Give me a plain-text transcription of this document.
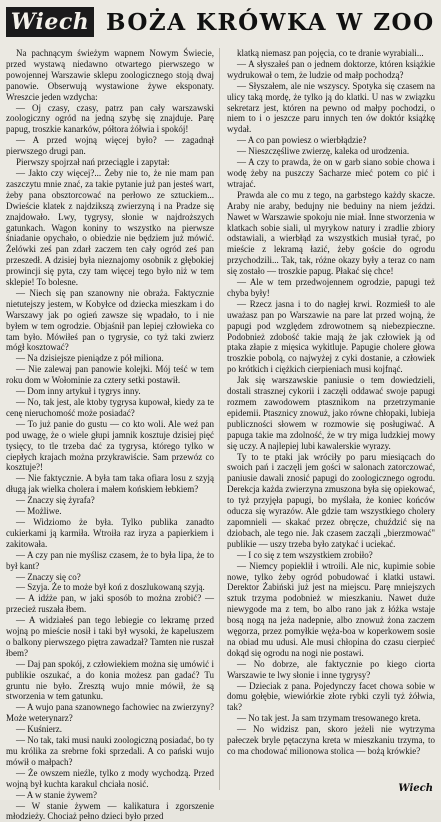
Wiech BOŻA KRÓWKA W ZOO

Na pachnącym świeżym wapnem Nowym Świecie, przed wystawą niedawno otwartego pierwszego w powojennej Warszawie sklepu zoologicznego stoją dwaj panowie. Obserwują wystawione żywe eksponaty. Wreszcie jeden wzdycha:

— Oj czasy, czasy, patrz pan cały warszawski zoologiczny ogród na jedną szybę się znajduje. Parę papug, troszkie kanarków, półtora żółwia i spokój!

— A przed wojną więcej było? — zagadnął pierwszego drugi pan.

Pierwszy spojrzał nań przeciągle i zapytał:

— Jakto czy więcej?... Żeby nie to, że nie mam pan zaszczytu mnie znać, za takie pytanie już pan jesteś wart, żeby pana obsztorcować na perłowo ze sztuckiem... Dwieście klatek z najdzikszą zwierzyną i na Pradze się znajdowało. Lwy, tygrysy, słonie w najdroższych gatunkach. Wagon koniny to wszystko na pierwsze śniadanie opychało, o obiedzie nie będziem już mówić. Żelówki ześ pan zdarł zaczem ten cały ogród ześ pan przeszedł. A dzisiej była nieznajomy osobnik z głębokiej prowincji się pyta, czy tam więcej tego było niż w tem sklepie! To bolesne.

— Niech się pan szanowny nie obraża. Faktycznie nietutejszy jestem, w Kobyłce od dziecka mieszkam i do Warszawy jak po ogień zawsze się wpadało, to i nie byłem w tem ogrodzie. Objaśnił pan lepiej człowieka co tam było. Mówiłeś pan o tygrysie, co tyż taki zwierz mógł kosztować?

— Na dzisiejsze pieniądze z pół miliona.

— Nie zalewaj pan panowie kolejki. Mój teść w tem roku dom w Wołominie za cztery setki postawił.

— Dom inny artykuł i tygrys inny.

— No, tak jest, ale ktoby tygrysa kupował, kiedy za te cenę nieruchomość może posiadać?

— To już panie do gustu — co kto woli. Ale weź pan pod uwagę, że o wiele głupi jamnik kosztuje dzisiej pięć tysięcy, to tle trzeba dać za tygrysa, którego tylko w ciepłych krajach można przykrawiście. Sam przewóz co kosztuje?!

— Nie faktycznie. A była tam taka ofiara losu z szyją długą jak wielka cholera i małem końskiem łebkiem?

— Znaczy się żyrafa?

— Możliwe.

— Widziomo że była. Tylko publika zanadto cukierkami ją karmiła. Wtroiła raz iryza a papierkiem i zakitowała.

— A czy pan nie myślisz czasem, że to była lipa, że to był kant?

— Znaczy się co?

— Szyja. Że to może był koń z doszlukowaną szyją.

— A idźże pan, w jaki sposób to można zrobić? — przecież ruszała łbem.

— A widziałeś pan tego lebiegie co lekramę przed wojną po mieście nosił i taki był wysoki, że kapeluszem o balkony pierwszego piętra zawadzał? Tamten nie ruszał łbem?

— Daj pan spokój, z człowiekiem można się umówić i publikie oszukać, a do konia możesz pan gadać? Tu gruntu nie było. Zresztą wujo mnie mówił, że są stworzenia w tem gatunku.

— A wujo pana szanownego fachowiec na zwierzyny? Może weterynarz?

— Kuśnierz.

— No tak, taki musi nauki zoologiczną posiadać, bo ty mu królika za srebrne foki sprzedali. A co pański wujo mówił o małpach?

— Że owszem nieźle, tylko z mody wychodzą. Przed wojną był kuchta karakul chciała nosić.

— A w stanie żywem?

— W stanie żywem — kalikatura i zgorszenie młodzieży. Chociaż pełno dzieci było przed

klatką niemasz pan pojęcia, co te dranie wyrabiali...

— A słyszałeś pan o jednem doktorze, któren książkie wydrukował o tem, że ludzie od małp pochodzą?

— Słyszałem, ale nie wszyscy. Spotyka się czasem na ulicy taką mordę, że tylko ją do klatki. U nas w związku sekretarz jest, któren na pewno od małpy pochodzi, o niem to i o jeszcze paru innych ten ów doktór książkę wydał.

— A co pan powiesz o wierbłądzie?

— Nieszczęśliwe zwierzę, kaleka od urodzenia.

— A czy to prawda, że on w garb siano sobie chowa i wodę żeby na puszczy Sacharze mieć potem co pić i wtrajać.

Prawda ale co mu z tego, na garbstego każdy skacze. Araby nie araby, bedujny nie beduiny na niem jeździ. Nawet w Warszawie spokoju nie miał. Inne stworzenia w klatkach sobie siali, ul myrykow natury i zradlie zbiory odstawiali, a wierbłąd za wszystkich musiał tyrać, po mieście z lekramą łazić, żeby goście do ogrodu przychodzili... Tak, tak, różne okazy były a teraz co nam się zostało — troszkie papug. Płakać się chce!

— Ale w tem przedwojennem ogrodzie, papugi też chyba były!

— Rzecz jasna i to do nagłej krwi. Rozmieśł to ale uważasz pan po Warszawie na pare lat przed wojną, że papugi pod względem zdrowotnem są niebezpieczne. Podobnież zdobość takie mają że jak człowiek ją od ptaka złapie z mięsica wykitluje. Papugie cholere głowa troszkie pobolą, co najwyżej z cyki dostanie, a człowiek po krótkich i ciężkich cierpieniach musi kojfnąć.

Jak się warszawskie paniusie o tem dowiedzieli, dostali strasznej cykorii i zaczęli oddawać swoje papugi rozmem zawodowem ptasznikom na przetrzymanie epidemii. Ptasznicy znowuż, jako równe chłopaki, lubieja publiczności słowem w rozmowie się posługiwać. A papuga takie ma zdolność, że w try miga ludzkiej mowy się uczy. A najlepiej lubi kawalerskie wyrazy.

Ty to te ptaki jak wróciły po paru miesiącach do swoich pań i zaczęli jem gości w salonach zatorczować, paniusie dawali znosić papugi do zoologicznego ogrodu. Derekcja każda zwierzyna zmuszona była się opiekować, to tyż przyjęła papugi, bo myślała, że koniec końców oducza się wyrazów. Ale gdzie tam wszystkiego cholery zapomnieli — skakać przez obręcze, chuździć się na dziobach, ale tego nie. Jak czasem zacząli „bierzmować" publikie — uszy trzeba było zatykać i uciekać.

— I co się z tem wszystkiem zrobiło?

— Niemcy popieklił i wtroili. Ale nic, kupimie sobie nowe, tylko żeby ogród pobudować i klatki ustawi. Derektor Żabiński już jest na miejscu. Parę mniejszych sztuk trzyma podobnież w mieszkaniu. Nawet duże niewygode ma z tem, bo albo rano jak z łóżka wstaje bosą nogą na jeża nadepnie, albo znowuż żona zaczem węgorza, przez pomyłkie węża-boa w koperkowem sosie na obiad mu udusi. Ale musi chłopina do czasu cierpieć dokąd się ogrodu na nogi nie postawi.

— No dobrze, ale faktycznie po kiego ciorta Warszawie te lwy słonie i inne tygrysy?

— Dzieciak z pana. Pojedynczy facet chowa sobie w domu gołębie, wiewiórkie złote rybki czyli tyż żółwia, tak?

— No tak jest. Ja sam trzymam tresowanego kreta.

— No widzisz pan, skoro jeżeli nie wytrzyma pałeczek bryle pętaczyna kreta w mieszkaniu trzyma, to co ma chodować milionowa stolica — bożą krówkie?

Wiech
